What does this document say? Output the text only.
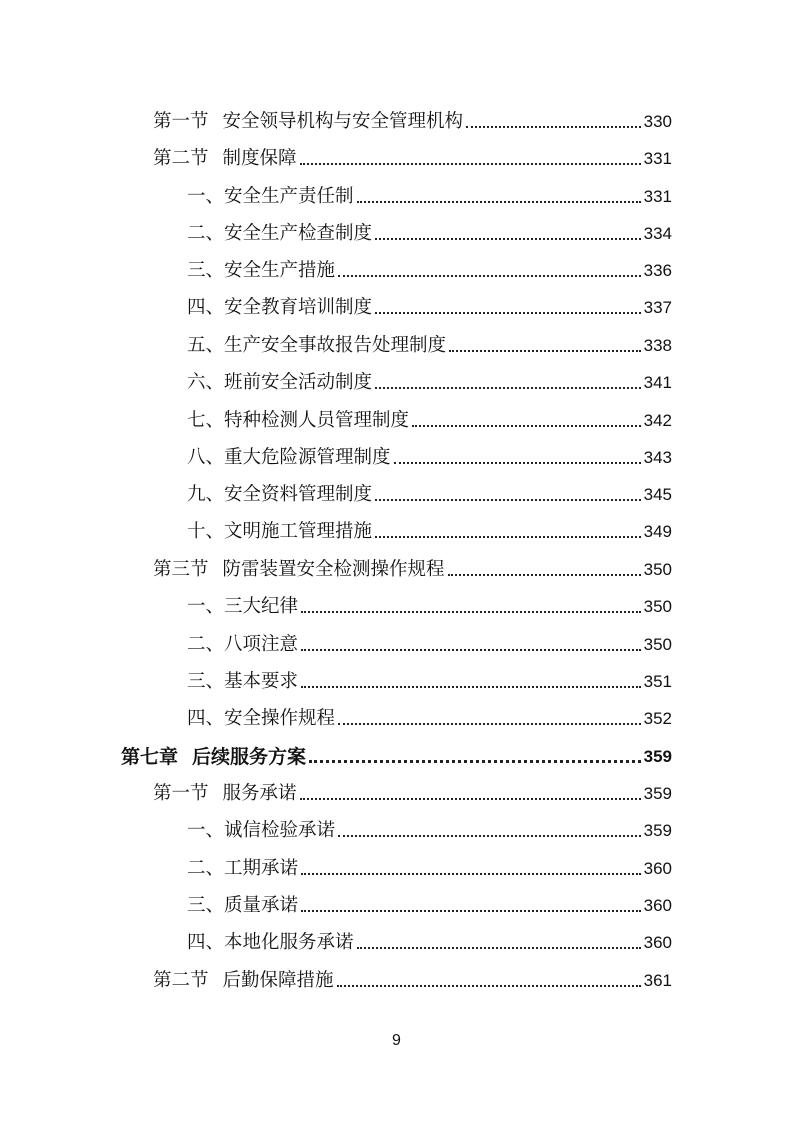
第一节 安全领导机构与安全管理机构	330
第二节 制度保障	331
一、安全生产责任制	331
二、安全生产检查制度	334
三、安全生产措施	336
四、安全教育培训制度	337
五、生产安全事故报告处理制度	338
六、班前安全活动制度	341
七、特种检测人员管理制度	342
八、重大危险源管理制度	343
九、安全资料管理制度	345
十、文明施工管理措施	349
第三节 防雷装置安全检测操作规程	350
一、三大纪律	350
二、八项注意	350
三、基本要求	351
四、安全操作规程	352
第七章 后续服务方案	359
第一节 服务承诺	359
一、诚信检验承诺	359
二、工期承诺	360
三、质量承诺	360
四、本地化服务承诺	360
第二节 后勤保障措施	361
9
